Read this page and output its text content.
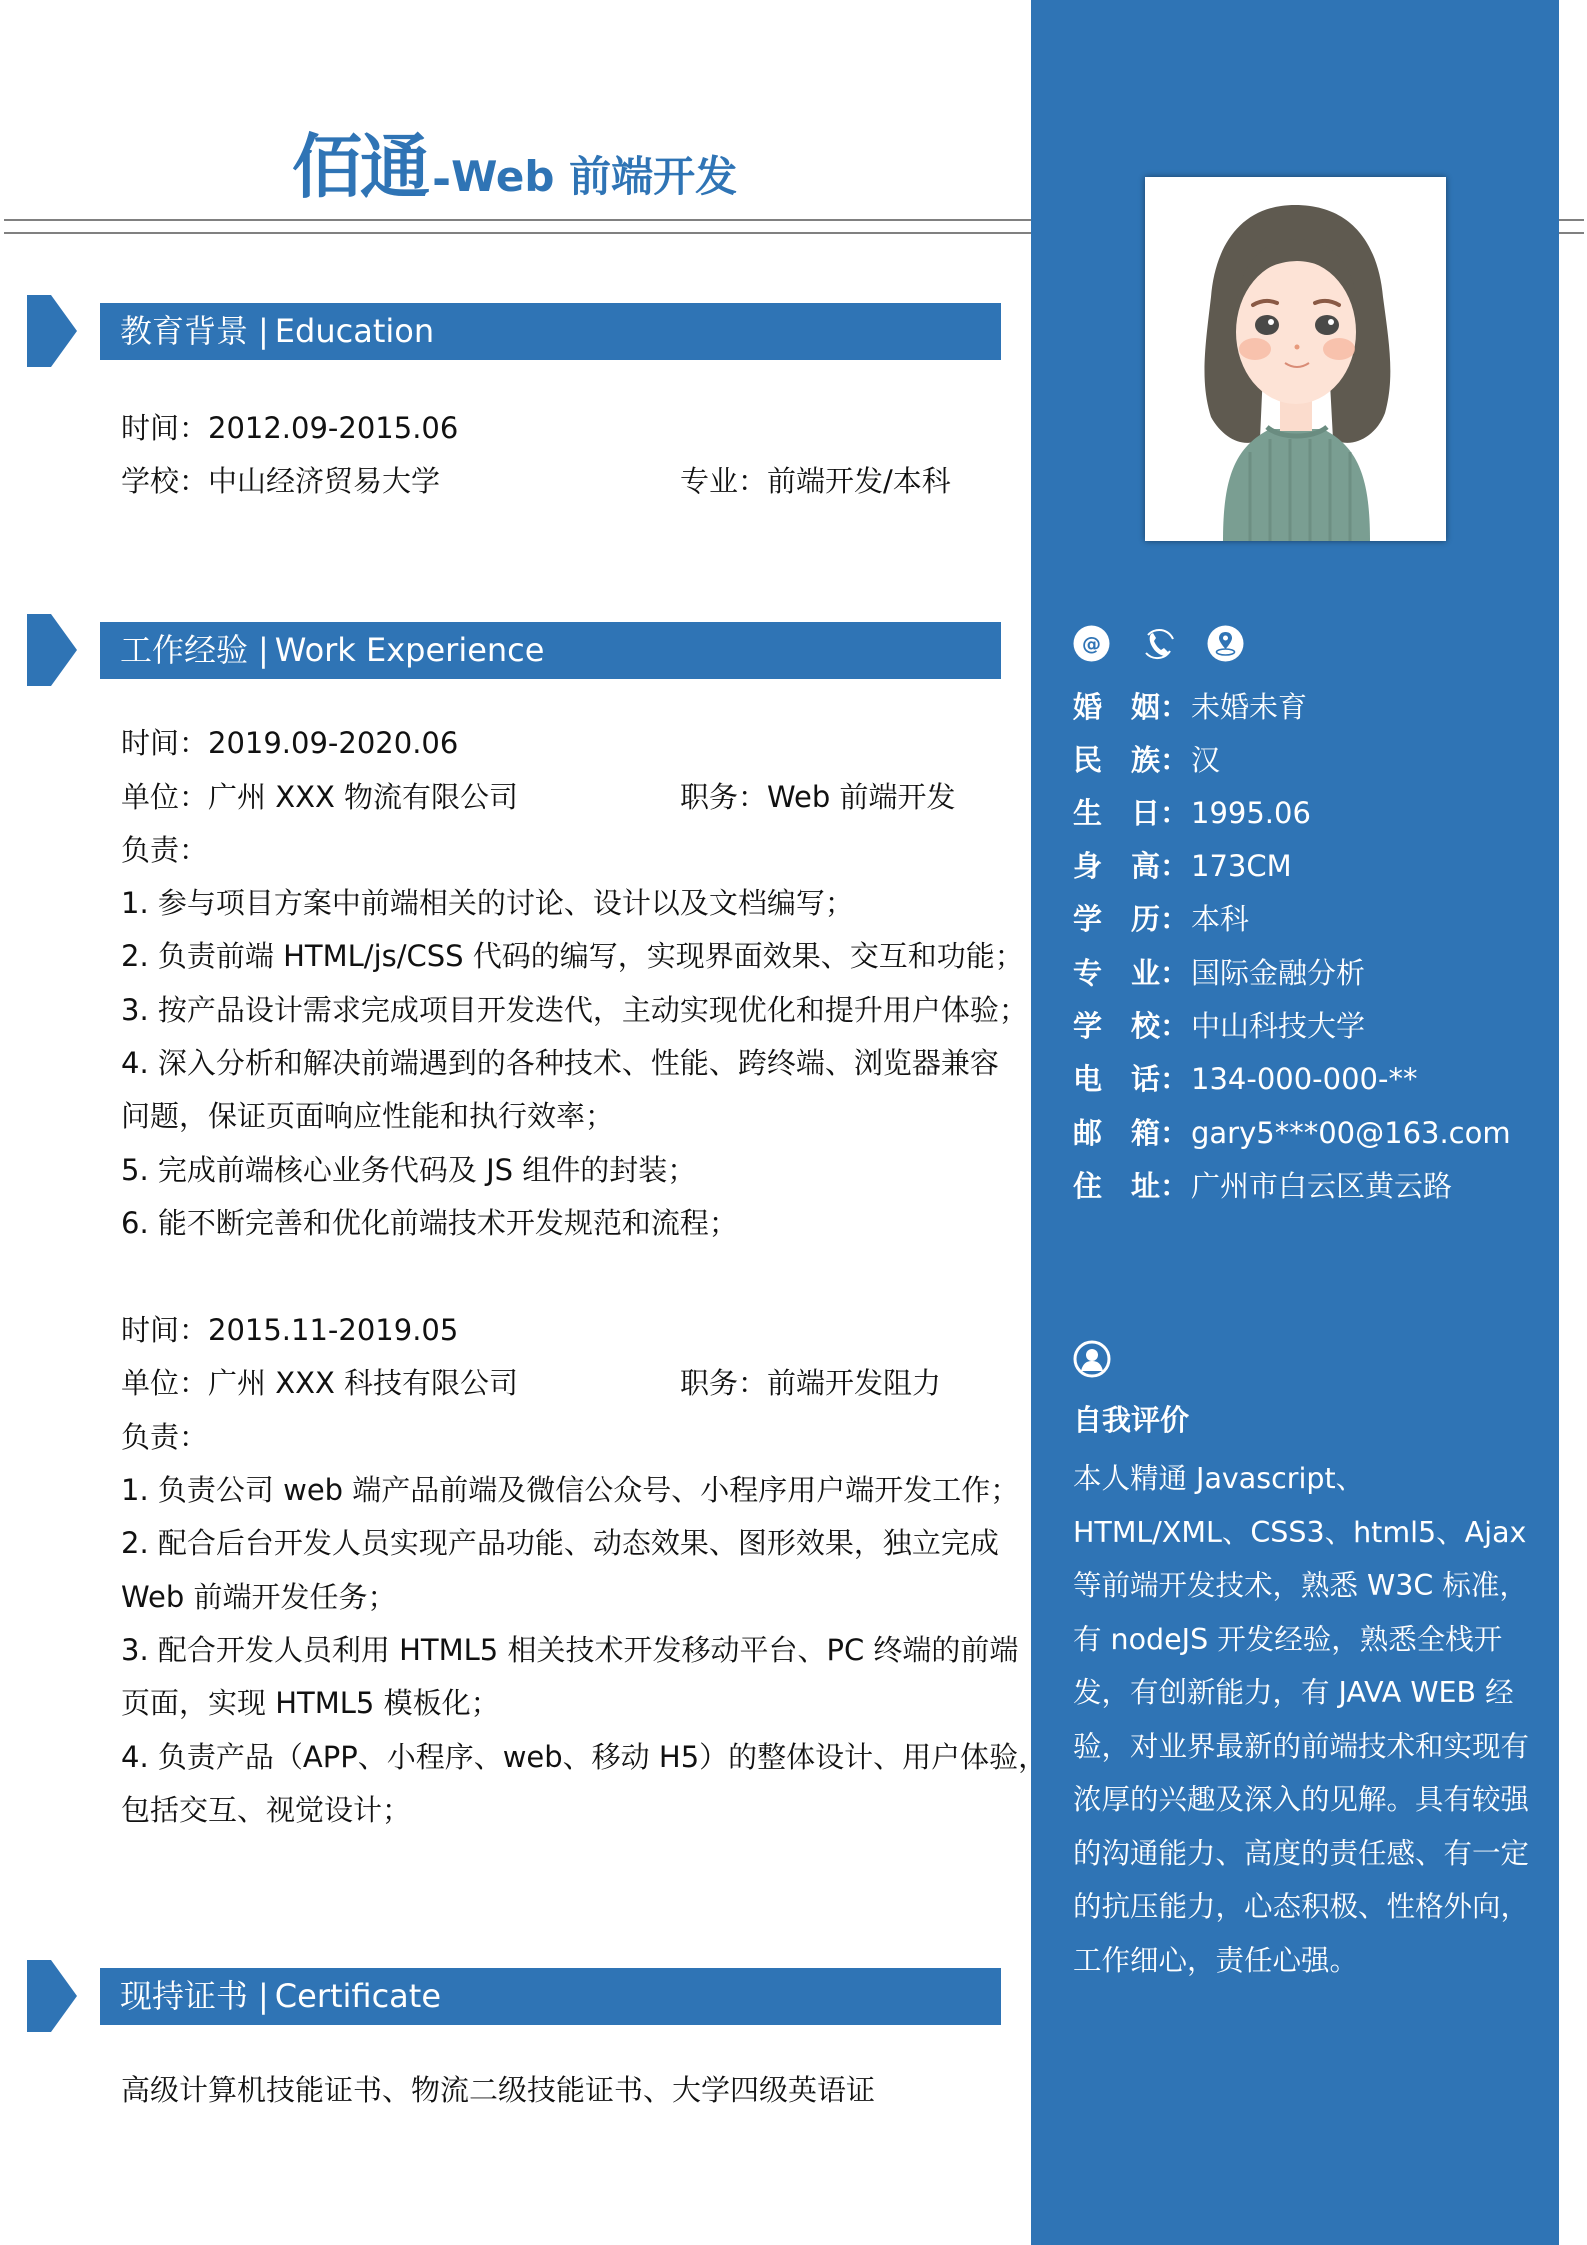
佰通 - Web 前端开发
@
婚 姻： 未婚未育
民 族： 汉
生 日： 1995.06
身 高： 173CM
学 历： 本科
专 业： 国际金融分析
学 校： 中山科技大学
电 话： 134-000-000-**
邮 箱： gary5***00@163.com
住 址： 广州市白云区黄云路
自我评价
本人精通 Javascript、HTML/XML、CSS3、html5、Ajax 等前端开发技术，熟悉 W3C 标准，有 nodeJS 开发经验，熟悉全栈开发，有创新能力，有 JAVA WEB 经验，对业界最新的前端技术和实现有浓厚的兴趣及深入的见解。具有较强的沟通能力、高度的责任感、有一定的抗压能力，心态积极、性格外向，工作细心，责任心强。
教育背景 | Education
时间：2012.09-2015.06
学校：中山经济贸易大学	专业：前端开发/本科
工作经验 | Work Experience
时间：2019.09-2020.06
单位：广州 XXX 物流有限公司	职务：Web 前端开发
负责：
1. 参与项目方案中前端相关的讨论、设计以及文档编写；
2. 负责前端 HTML/js/CSS 代码的编写，实现界面效果、交互和功能；
3. 按产品设计需求完成项目开发迭代，主动实现优化和提升用户体验；
4. 深入分析和解决前端遇到的各种技术、性能、跨终端、浏览器兼容
问题，保证页面响应性能和执行效率；
5. 完成前端核心业务代码及 JS 组件的封装；
6. 能不断完善和优化前端技术开发规范和流程；
时间：2015.11-2019.05
单位：广州 XXX 科技有限公司	职务：前端开发阻力
负责：
1. 负责公司 web 端产品前端及微信公众号、小程序用户端开发工作；
2. 配合后台开发人员实现产品功能、动态效果、图形效果，独立完成
Web 前端开发任务；
3. 配合开发人员利用 HTML5 相关技术开发移动平台、PC 终端的前端
页面，实现 HTML5 模板化；
4. 负责产品（APP、小程序、web、移动 H5）的整体设计、用户体验，
包括交互、视觉设计；
现持证书 | Certificate
高级计算机技能证书、物流二级技能证书、大学四级英语证
